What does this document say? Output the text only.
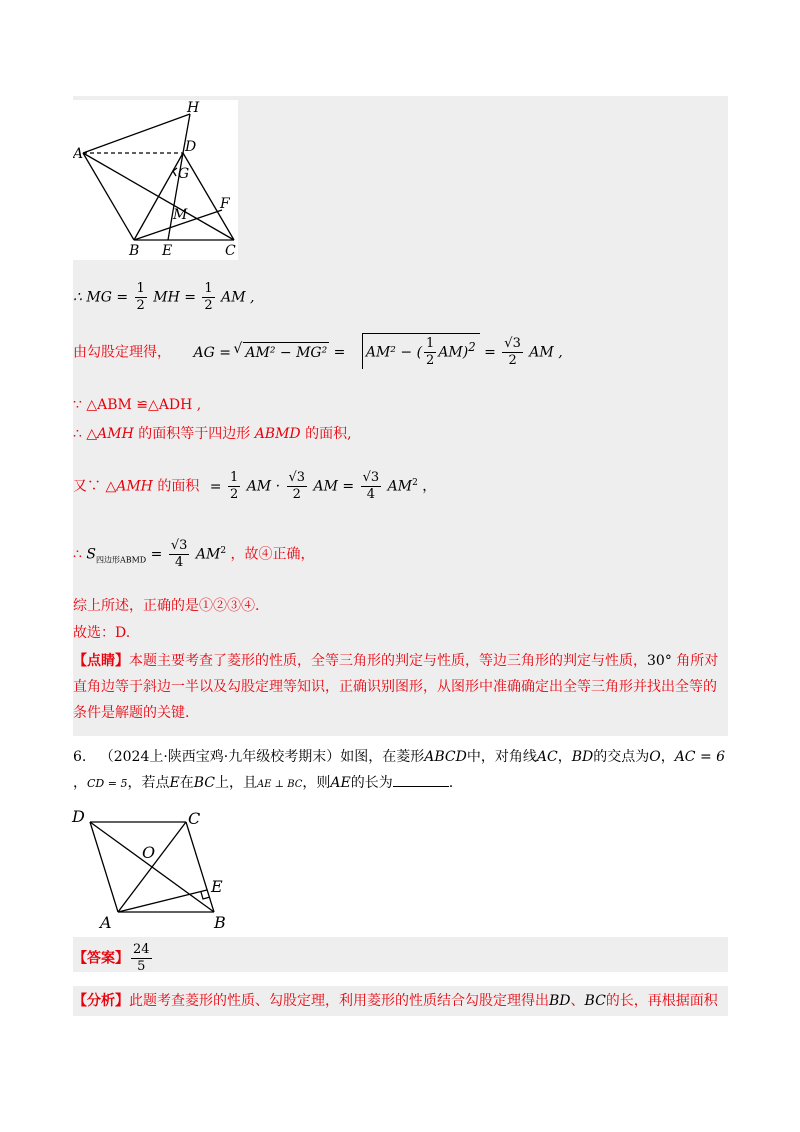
H
A	D
G
F
M
B E	C
∴ MG = $\frac{1}{2}$ MH = $\frac{1}{2}$ AM ,
由勾股定理得， AG = √ AM² − MG² = AM² − ( $\frac{1}{2} AM)^2 = \frac{√3}{2}$ AM ,
∵ △ABM ≌△ADH ,
∴ △AMH 的面积等于四边形 ABMD 的面积,
又∵ △AMH 的面积 = $\frac{1}{2}$ AM · $\frac{√3}{2}$ AM = $\frac{√3}{4} AM^2$ ，
∴ $S_{四边形ABMD} = \frac{√3}{4} AM^2$ ，故④正确，
综上所述，正确的是①②③④.
故选：D.
【点睛】本题主要考查了菱形的性质，全等三角形的判定与性质，等边三角形的判定与性质，30° 角所对直角边等于斜边一半以及勾股定理等知识，正确识别图形，从图形中准确确定出全等三角形并找出全等的条件是解题的关键.
6. （2024上·陕西宝鸡·九年级校考期末）如图，在菱形ABCD中，对角线AC，BD的交点为O，AC = 6
，CD = 5，若点E在BC上，且AE ⊥ BC，则AE的长为	.
D	C
O
E
A	B
【答案】 $\frac{24}{5}$
【分析】此题考查菱形的性质、勾股定理，利用菱形的性质结合勾股定理得出BD、BC的长，再根据面积
